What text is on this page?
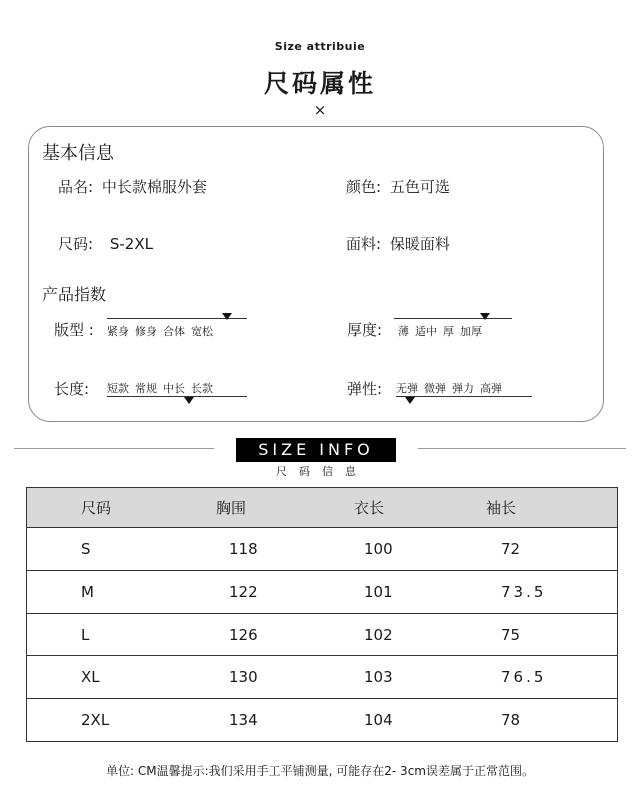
Size attribuie
尺码属性
×
基本信息
品名: 中长款棉服外套	颜色: 五色可选
尺码: S-2XL	面料: 保暖面料
产品指数
版型 : 紧身 修身 合体 宽松	厚度: 薄 适中 厚 加厚
长度: 短款 常规 中长 长款	弹性: 无弹 微弹 弹力 高弹
SIZE INFO
尺码信息
尺码	胸围	衣长	袖长
S	118	100	72
M	122	101	73.5
L	126	102	75
XL	130	103	76.5
2XL	134	104	78
单位: CM温馨提示:我们采用手工平铺测量, 可能存在2- 3cm误差属于正常范围。
